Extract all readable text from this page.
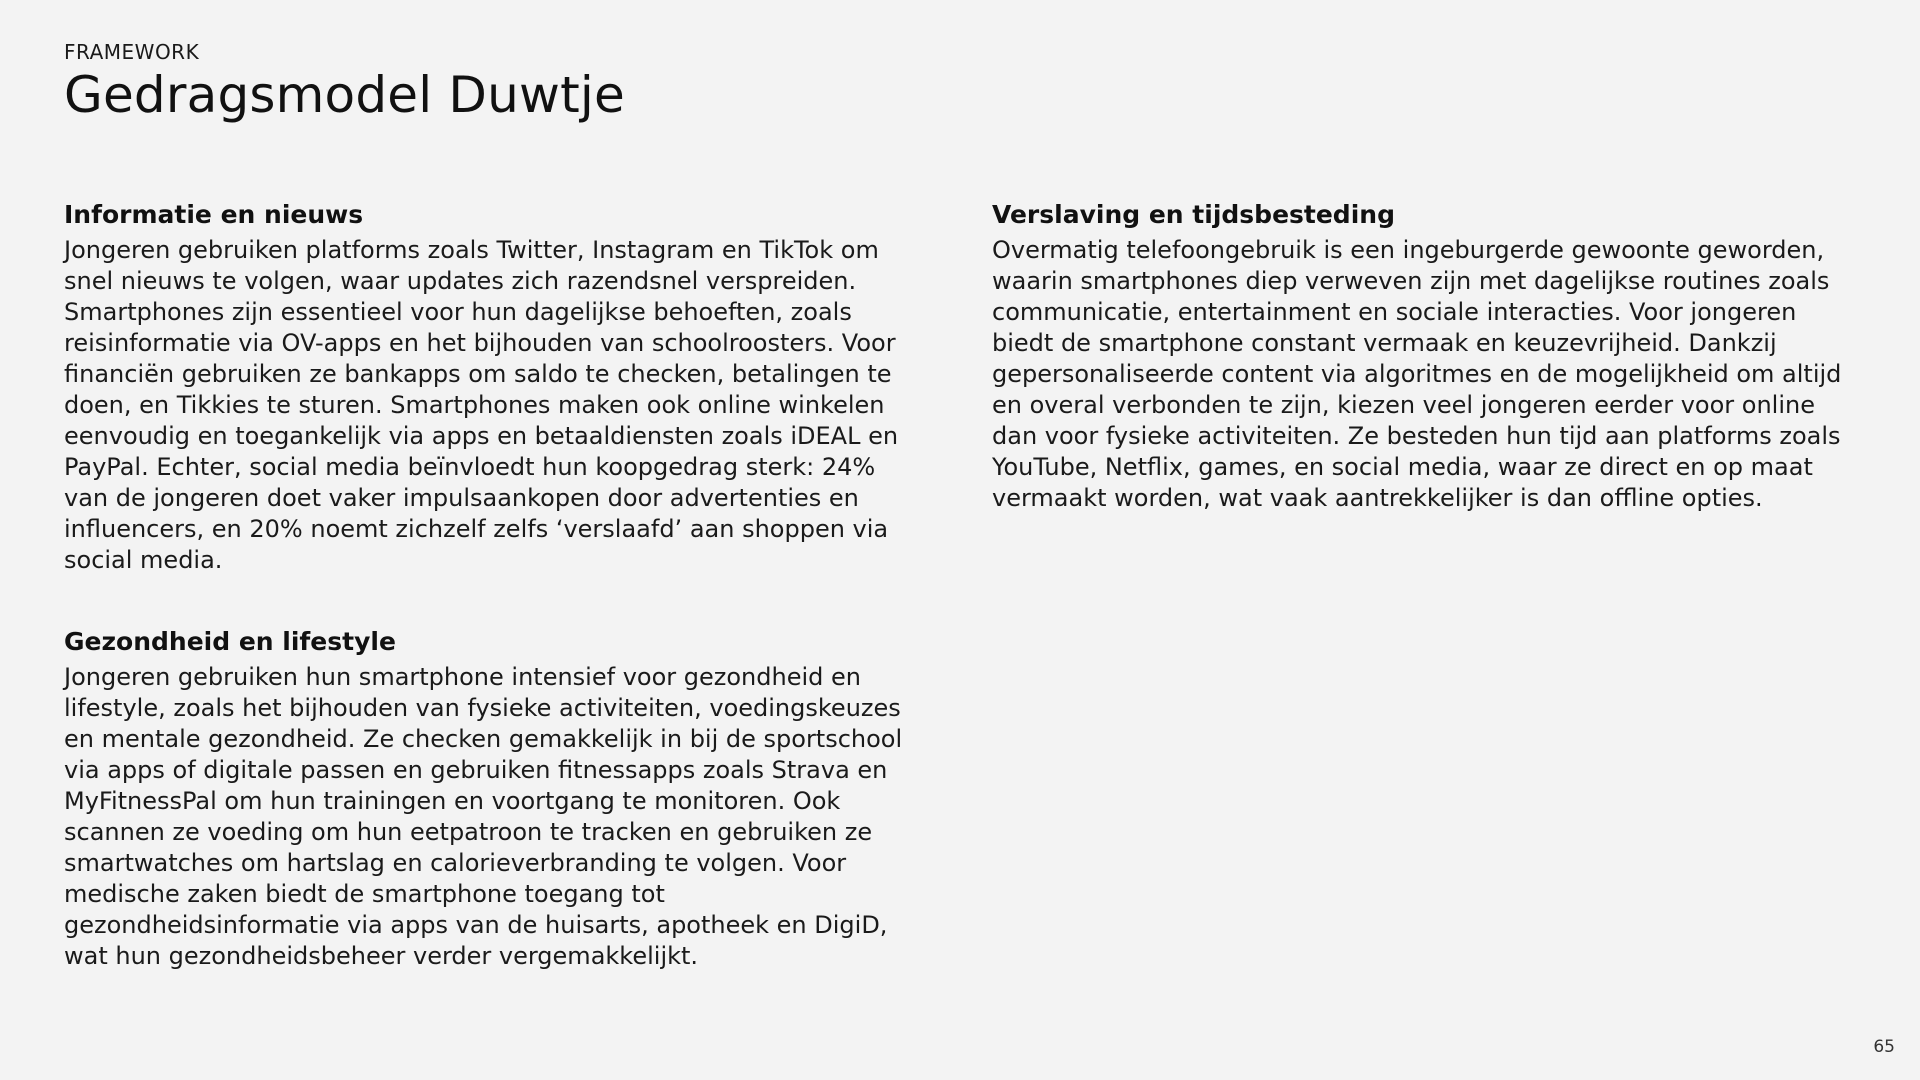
FRAMEWORK
Gedragsmodel Duwtje
Informatie en nieuws

Jongeren gebruiken platforms zoals Twitter, Instagram en TikTok om snel nieuws te volgen, waar updates zich razendsnel verspreiden. Smartphones zijn essentieel voor hun dagelijkse behoeften, zoals reisinformatie via OV-apps en het bijhouden van schoolroosters. Voor financiën gebruiken ze bankapps om saldo te checken, betalingen te doen, en Tikkies te sturen. Smartphones maken ook online winkelen eenvoudig en toegankelijk via apps en betaaldiensten zoals iDEAL en PayPal. Echter, social media beïnvloedt hun koopgedrag sterk: 24% van de jongeren doet vaker impulsaankopen door advertenties en influencers, en 20% noemt zichzelf zelfs ‘verslaafd’ aan shoppen via social media.

Gezondheid en lifestyle

Jongeren gebruiken hun smartphone intensief voor gezondheid en lifestyle, zoals het bijhouden van fysieke activiteiten, voedingskeuzes en mentale gezondheid. Ze checken gemakkelijk in bij de sportschool via apps of digitale passen en gebruiken fitnessapps zoals Strava en MyFitnessPal om hun trainingen en voortgang te monitoren. Ook scannen ze voeding om hun eetpatroon te tracken en gebruiken ze smartwatches om hartslag en calorieverbranding te volgen. Voor medische zaken biedt de smartphone toegang tot gezondheidsinformatie via apps van de huisarts, apotheek en DigiD, wat hun gezondheidsbeheer verder vergemakkelijkt.

Verslaving en tijdsbesteding

Overmatig telefoongebruik is een ingeburgerde gewoonte geworden, waarin smartphones diep verweven zijn met dagelijkse routines zoals communicatie, entertainment en sociale interacties. Voor jongeren biedt de smartphone constant vermaak en keuzevrijheid. Dankzij gepersonaliseerde content via algoritmes en de mogelijkheid om altijd en overal verbonden te zijn, kiezen veel jongeren eerder voor online dan voor fysieke activiteiten. Ze besteden hun tijd aan platforms zoals YouTube, Netflix, games, en social media, waar ze direct en op maat vermaakt worden, wat vaak aantrekkelijker is dan offline opties.

65
